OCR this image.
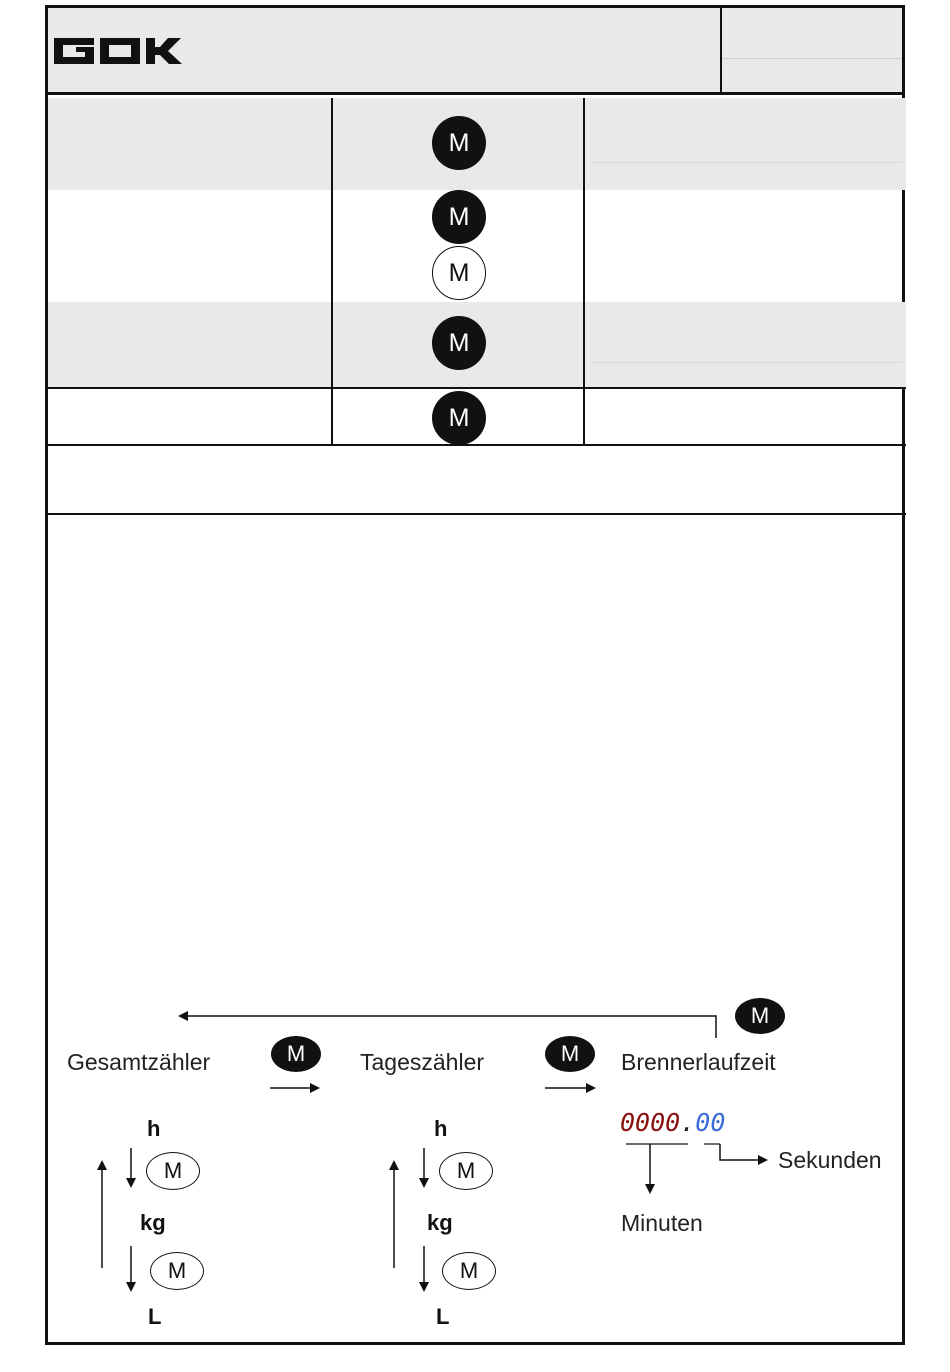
M
M
M
M
M
M
M	M
M
M
M
M
Gesamtzähler	Tageszähler	Brennerlaufzeit
h
kg
L
h
kg
L
0000.00
Minuten
Sekunden
